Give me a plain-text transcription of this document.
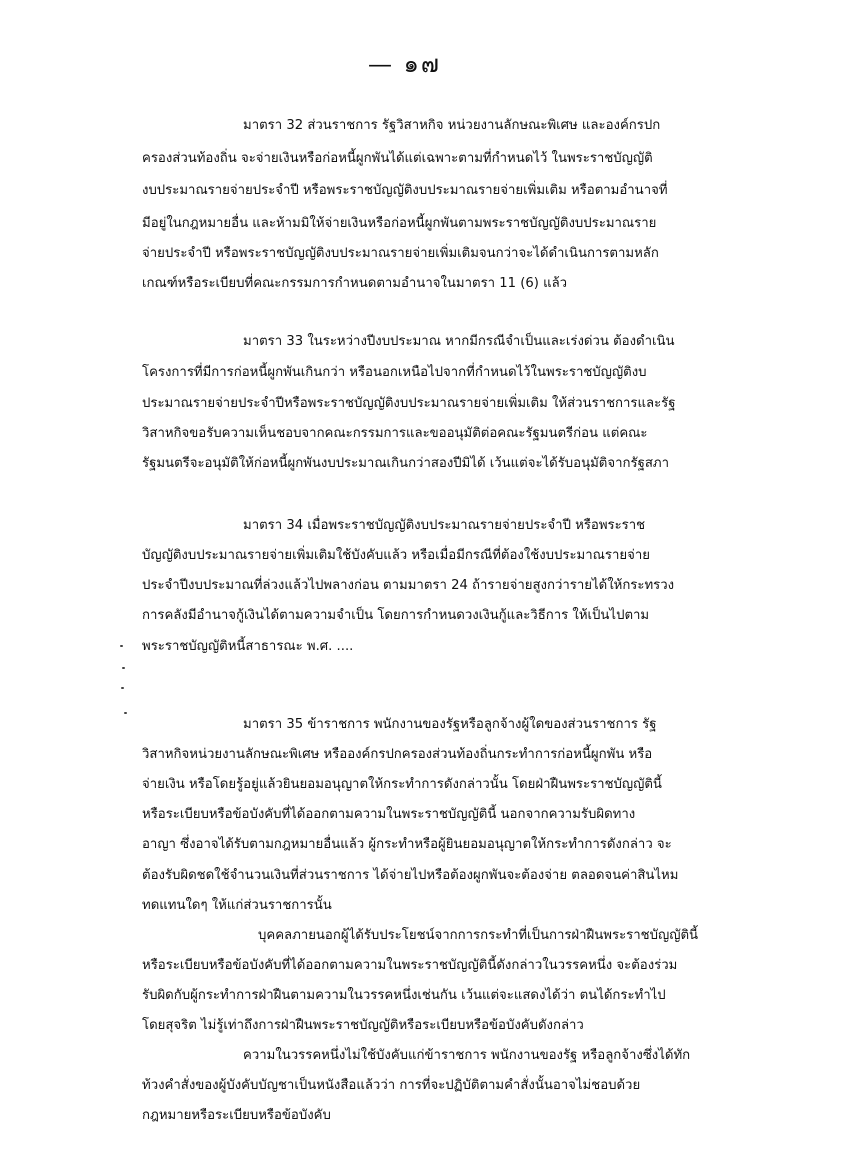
— ๑๗
มาตรา 32 ส่วนราชการ รัฐวิสาหกิจ หน่วยงานลักษณะพิเศษ และองค์กรปก
ครองส่วนท้องถิ่น จะจ่ายเงินหรือก่อหนี้ผูกพันได้แต่เฉพาะตามที่กำหนดไว้ ในพระราชบัญญัติ
งบประมาณรายจ่ายประจำปี หรือพระราชบัญญัติงบประมาณรายจ่ายเพิ่มเติม หรือตามอำนาจที่
มีอยู่ในกฎหมายอื่น และห้ามมิให้จ่ายเงินหรือก่อหนี้ผูกพันตามพระราชบัญญัติงบประมาณราย
จ่ายประจำปี หรือพระราชบัญญัติงบประมาณรายจ่ายเพิ่มเติมจนกว่าจะได้ดำเนินการตามหลัก
เกณฑ์หรือระเบียบที่คณะกรรมการกำหนดตามอำนาจในมาตรา 11 (6) แล้ว
มาตรา 33 ในระหว่างปีงบประมาณ หากมีกรณีจำเป็นและเร่งด่วน ต้องดำเนิน
โครงการที่มีการก่อหนี้ผูกพันเกินกว่า หรือนอกเหนือไปจากที่กำหนดไว้ในพระราชบัญญัติงบ
ประมาณรายจ่ายประจำปีหรือพระราชบัญญัติงบประมาณรายจ่ายเพิ่มเติม ให้ส่วนราชการและรัฐ
วิสาหกิจขอรับความเห็นชอบจากคณะกรรมการและขออนุมัติต่อคณะรัฐมนตรีก่อน แต่คณะ
รัฐมนตรีจะอนุมัติให้ก่อหนี้ผูกพันงบประมาณเกินกว่าสองปีมิได้ เว้นแต่จะได้รับอนุมัติจากรัฐสภา
มาตรา 34 เมื่อพระราชบัญญัติงบประมาณรายจ่ายประจำปี หรือพระราช
บัญญัติงบประมาณรายจ่ายเพิ่มเติมใช้บังคับแล้ว หรือเมื่อมีกรณีที่ต้องใช้งบประมาณรายจ่าย
ประจำปีงบประมาณที่ล่วงแล้วไปพลางก่อน ตามมาตรา 24 ถ้ารายจ่ายสูงกว่ารายได้ให้กระทรวง
การคลังมีอำนาจกู้เงินได้ตามความจำเป็น โดยการกำหนดวงเงินกู้และวิธีการ ให้เป็นไปตาม
พระราชบัญญัติหนี้สาธารณะ พ.ศ. ....
มาตรา 35 ข้าราชการ พนักงานของรัฐหรือลูกจ้างผู้ใดของส่วนราชการ รัฐ
วิสาหกิจหน่วยงานลักษณะพิเศษ หรือองค์กรปกครองส่วนท้องถิ่นกระทำการก่อหนี้ผูกพัน หรือ
จ่ายเงิน หรือโดยรู้อยู่แล้วยินยอมอนุญาตให้กระทำการดังกล่าวนั้น โดยฝ่าฝืนพระราชบัญญัตินี้
หรือระเบียบหรือข้อบังคับที่ได้ออกตามความในพระราชบัญญัตินี้ นอกจากความรับผิดทาง
อาญา ซึ่งอาจได้รับตามกฎหมายอื่นแล้ว ผู้กระทำหรือผู้ยินยอมอนุญาตให้กระทำการดังกล่าว จะ
ต้องรับผิดชดใช้จำนวนเงินที่ส่วนราชการ ได้จ่ายไปหรือต้องผูกพันจะต้องจ่าย ตลอดจนค่าสินไหม
ทดแทนใดๆ ให้แก่ส่วนราชการนั้น
บุคคลภายนอกผู้ได้รับประโยชน์จากการกระทำที่เป็นการฝ่าฝืนพระราชบัญญัตินี้
หรือระเบียบหรือข้อบังคับที่ได้ออกตามความในพระราชบัญญัตินี้ดังกล่าวในวรรคหนึ่ง จะต้องร่วม
รับผิดกับผู้กระทำการฝ่าฝืนตามความในวรรคหนึ่งเช่นกัน เว้นแต่จะแสดงได้ว่า ตนได้กระทำไป
โดยสุจริต ไม่รู้เท่าถึงการฝ่าฝืนพระราชบัญญัติหรือระเบียบหรือข้อบังคับดังกล่าว
ความในวรรคหนึ่งไม่ใช้บังคับแก่ข้าราชการ พนักงานของรัฐ หรือลูกจ้างซึ่งได้ทัก
ท้วงคำสั่งของผู้บังคับบัญชาเป็นหนังสือแล้วว่า การที่จะปฏิบัติตามคำสั่งนั้นอาจไม่ชอบด้วย
กฎหมายหรือระเบียบหรือข้อบังคับ
